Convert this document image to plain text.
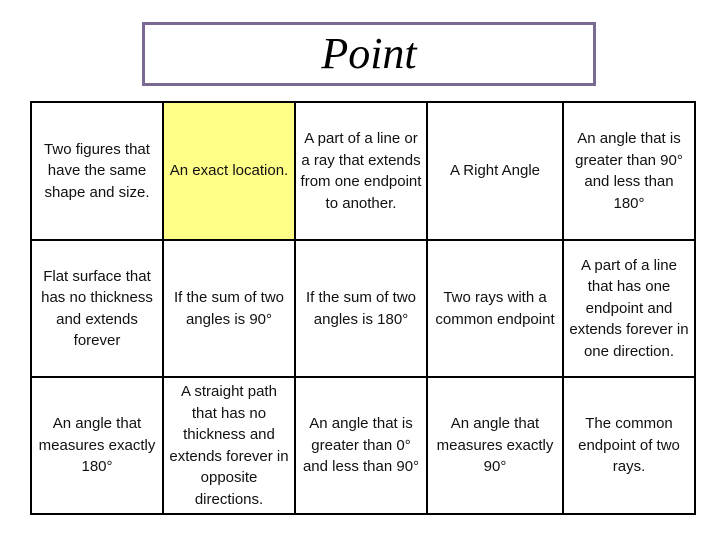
Point
Two figures that have the same shape and size.
An exact location.
A part of a line or a ray that extends from one endpoint to another.
A Right Angle
An angle that is greater than 90° and less than 180°
Flat surface that has no thickness and extends forever
If the sum of two angles is 90°
If the sum of two angles is 180°
Two rays with a common endpoint
A part of a line that has one endpoint and extends forever in one direction.
An angle that measures exactly 180°
A straight path that has no thickness and extends forever in opposite directions.
An angle that is greater than 0° and less than 90°
An angle that measures exactly 90°
The common endpoint of two rays.
